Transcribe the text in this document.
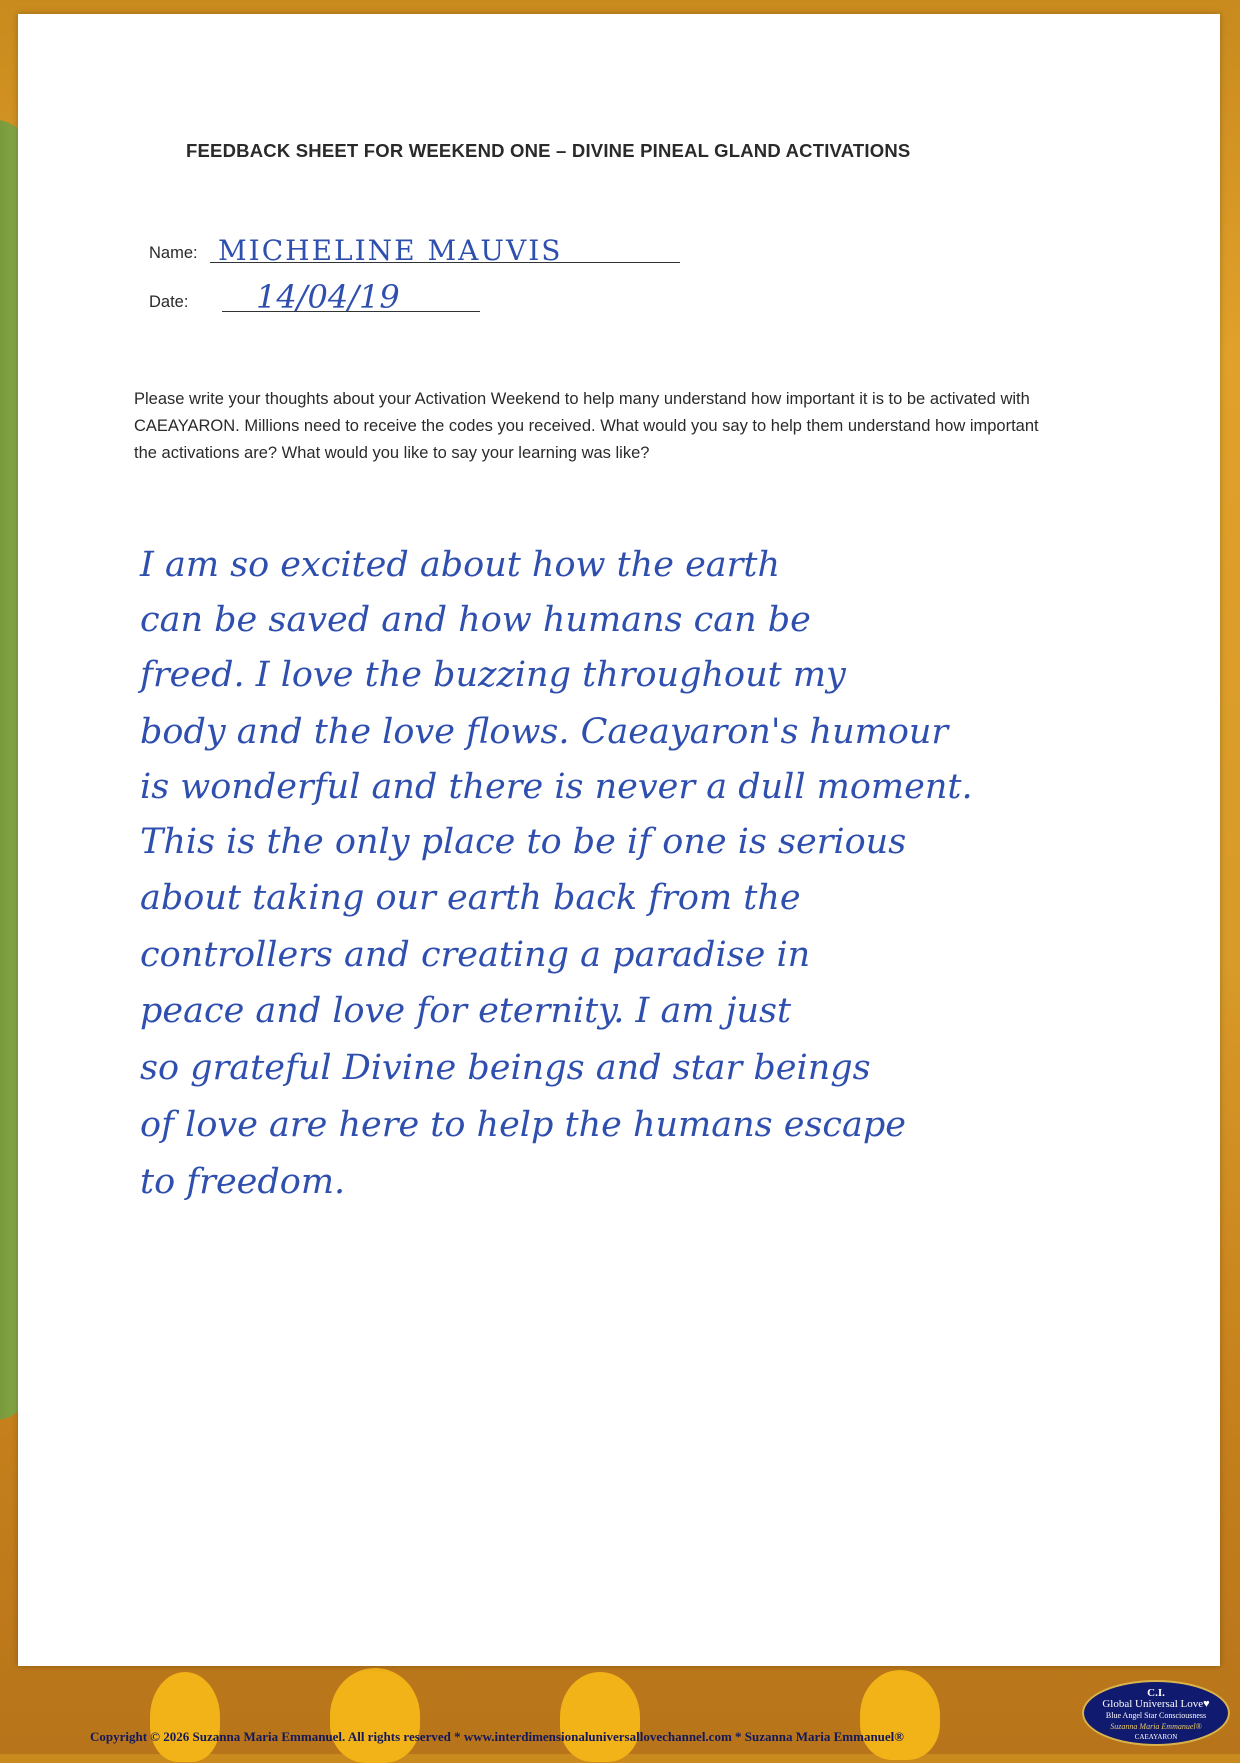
FEEDBACK SHEET FOR WEEKEND ONE – DIVINE PINEAL GLAND ACTIVATIONS
Name: MICHELINE MAUVIS
Date: 14/04/19
Please write your thoughts about your Activation Weekend to help many understand how important it is to be activated with CAEAYARON. Millions need to receive the codes you received. What would you say to help them understand how important the activations are? What would you like to say your learning was like?
I am so excited about how the earth
can be saved and how humans can be
freed. I love the buzzing throughout my
body and the love flows. Caeayaron's humour
is wonderful and there is never a dull moment.
This is the only place to be if one is serious
about taking our earth back from the
controllers and creating a paradise in
peace and love for eternity. I am just
so grateful Divine beings and star beings
of love are here to help the humans escape
to freedom.
Copyright © 2026 Suzanna Maria Emmanuel. All rights reserved * www.interdimensionaluniversallovechannel.com * Suzanna Maria Emmanuel®
C.I.
Global Universal Love♥
Blue Angel Star Consciousness
Suzanna Maria Emmanuel®
CAEAYARON
